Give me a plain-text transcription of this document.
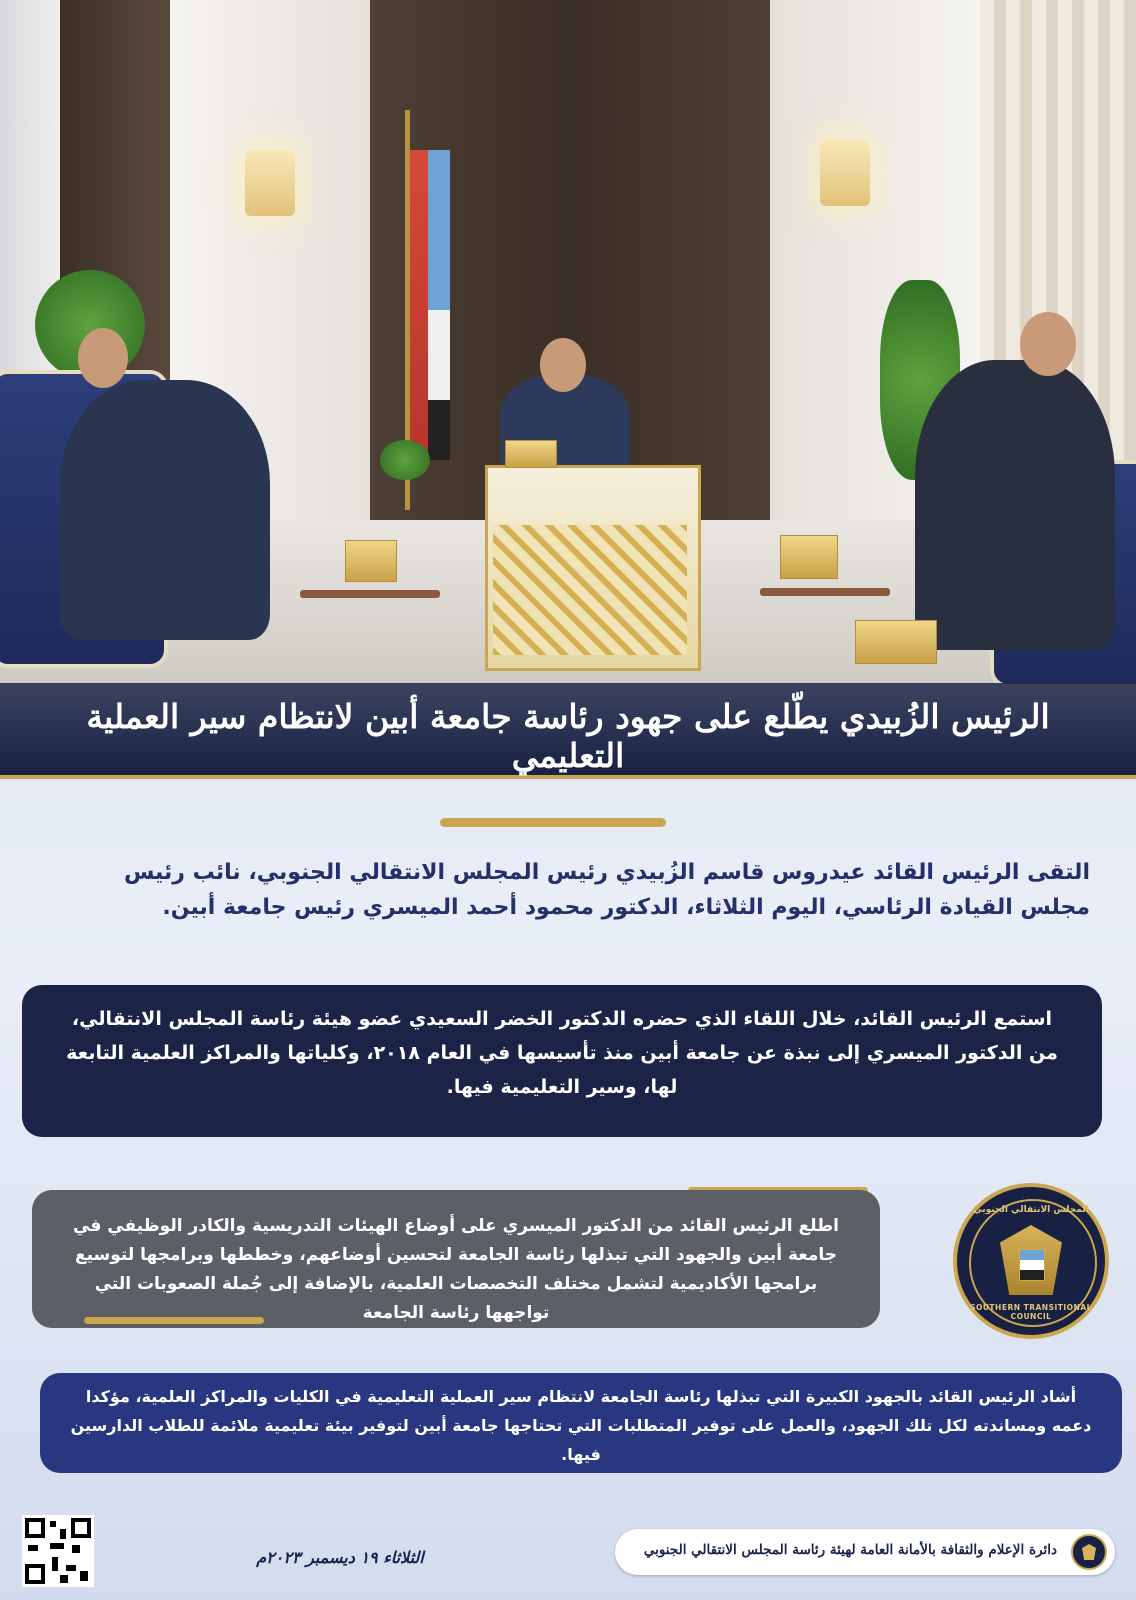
الرئيس الزُبيدي يطّلع على جهود رئاسة جامعة أبين لانتظام سير العملية التعليمي
التقى الرئيس القائد عيدروس قاسم الزُبيدي رئيس المجلس الانتقالي الجنوبي، نائب رئيس مجلس القيادة الرئاسي، اليوم الثلاثاء، الدكتور محمود أحمد الميسري رئيس جامعة أبين.
استمع الرئيس القائد، خلال اللقاء الذي حضره الدكتور الخضر السعيدي عضو هيئة رئاسة المجلس الانتقالي، من الدكتور الميسري إلى نبذة عن جامعة أبين منذ تأسيسها في العام ٢٠١٨، وكلياتها والمراكز العلمية التابعة لها، وسير التعليمية فيها.
اطلع الرئيس القائد من الدكتور الميسري على أوضاع الهيئات التدريسية والكادر الوظيفي في جامعة أبين والجهود التي تبذلها رئاسة الجامعة لتحسين أوضاعهم، وخططها وبرامجها لتوسيع برامجها الأكاديمية لتشمل مختلف التخصصات العلمية، بالإضافة إلى جُملة الصعوبات التي تواجهها رئاسة الجامعة
المجلس الانتقالي الجنوبي
SOUTHERN TRANSITIONAL COUNCIL
أشاد الرئيس القائد بالجهود الكبيرة التي تبذلها رئاسة الجامعة لانتظام سير العملية التعليمية في الكليات والمراكز العلمية، مؤكدا دعمه ومساندته لكل تلك الجهود، والعمل على توفير المتطلبات التي تحتاجها جامعة أبين لتوفير بيئة تعليمية ملائمة للطلاب الدارسين فيها.
الثلاثاء ١٩ ديسمبر ٢٠٢٣م	دائرة الإعلام والثقافة بالأمانة العامة لهيئة رئاسة المجلس الانتقالي الجنوبي
